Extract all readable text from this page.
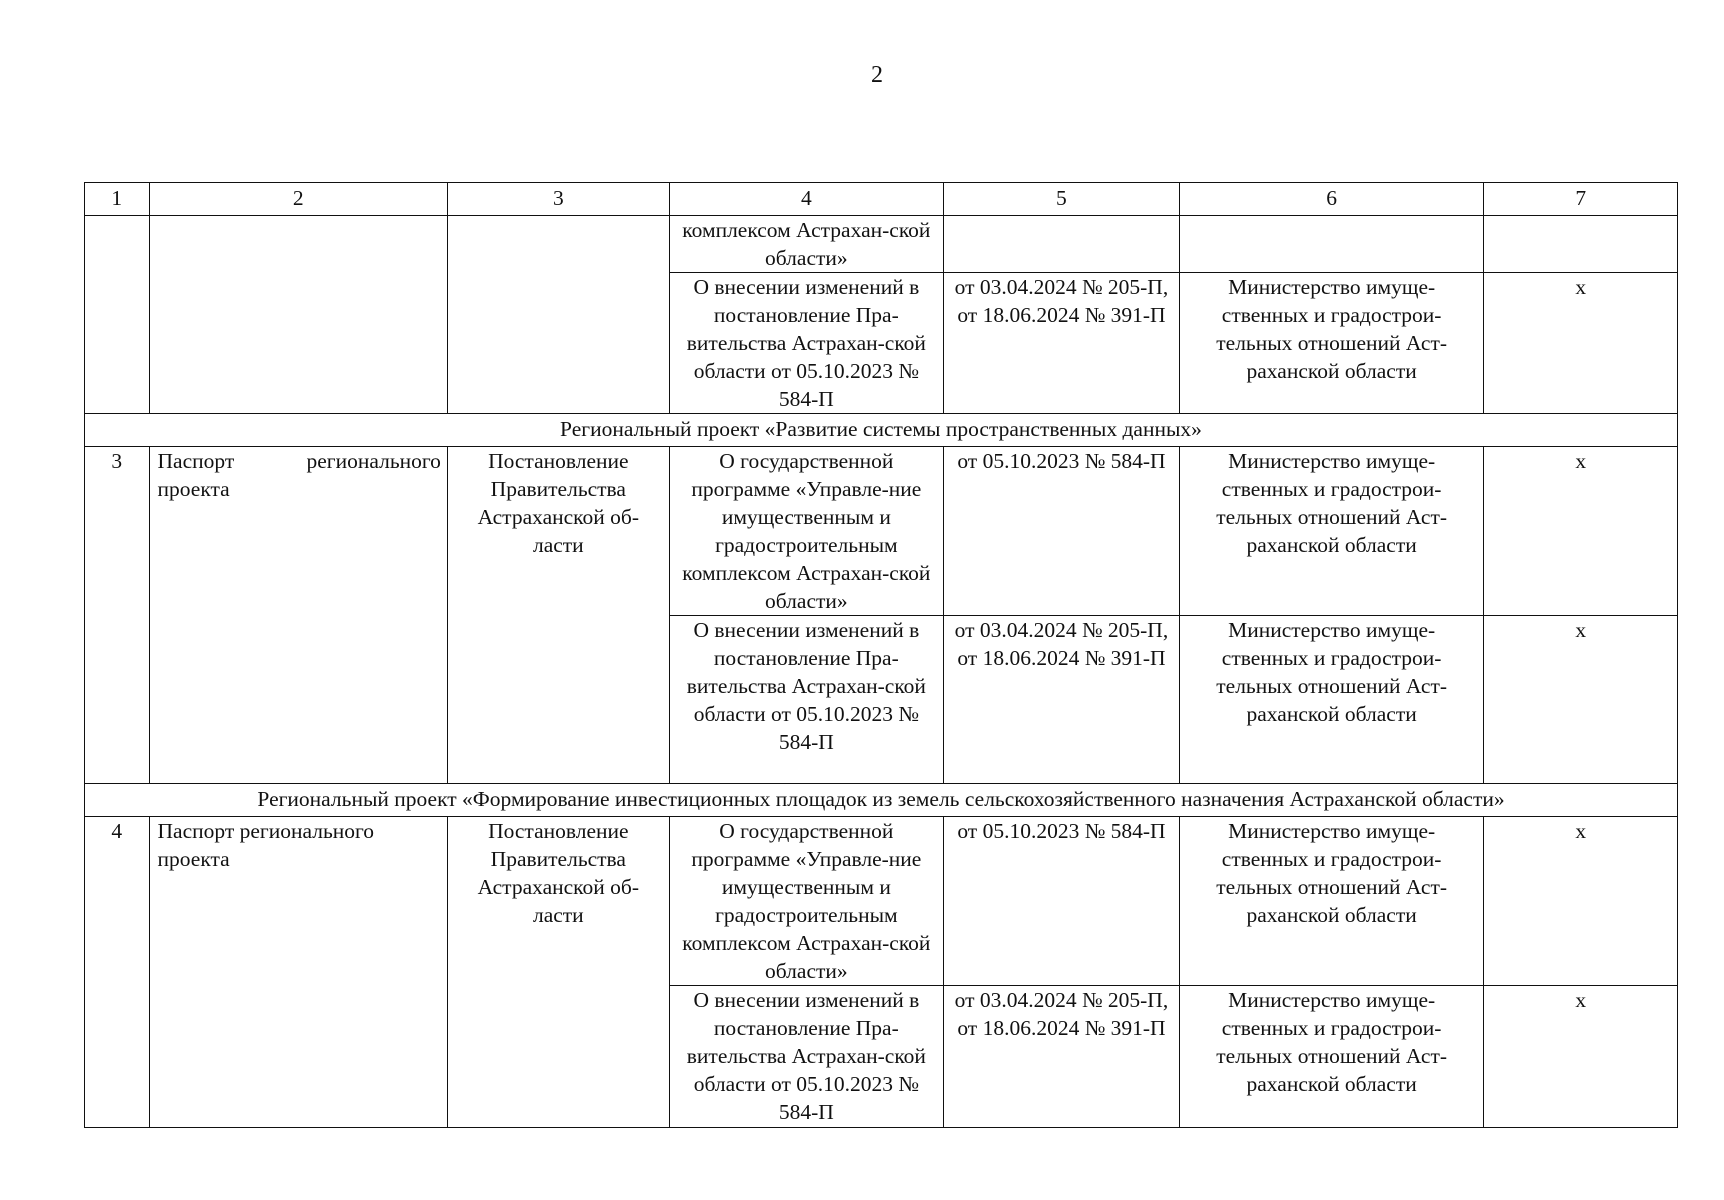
2
1	2	3	4	5	6	7
			комплексом Астрахан-ской области»			
			О внесении изменений в постановление Пра-вительства Астрахан-ской области от 05.10.2023 № 584-П	от 03.04.2024 № 205-П, от 18.06.2024 № 391-П	Министерство имуще-ственных и градострои-тельных отношений Аст-раханской области	х
Региональный проект «Развитие системы пространственных данных»						
3	Паспорт регионального проекта	Постановление Правительства Астраханской об-ласти	О государственной программе «Управле-ние имущественным и градостроительным комплексом Астрахан-ской области»	от 05.10.2023 № 584-П	Министерство имуще-ственных и градострои-тельных отношений Аст-раханской области	х
			О внесении изменений в постановление Пра-вительства Астрахан-ской области от 05.10.2023 № 584-П	от 03.04.2024 № 205-П, от 18.06.2024 № 391-П	Министерство имуще-ственных и градострои-тельных отношений Аст-раханской области	х
Региональный проект «Формирование инвестиционных площадок из земель сельскохозяйственного назначения Астраханской области»						
4	Паспорт регионального проекта	Постановление Правительства Астраханской об-ласти	О государственной программе «Управле-ние имущественным и градостроительным комплексом Астрахан-ской области»	от 05.10.2023 № 584-П	Министерство имуще-ственных и градострои-тельных отношений Аст-раханской области	х
			О внесении изменений в постановление Пра-вительства Астрахан-ской области от 05.10.2023 № 584-П	от 03.04.2024 № 205-П, от 18.06.2024 № 391-П	Министерство имуще-ственных и градострои-тельных отношений Аст-раханской области	х
